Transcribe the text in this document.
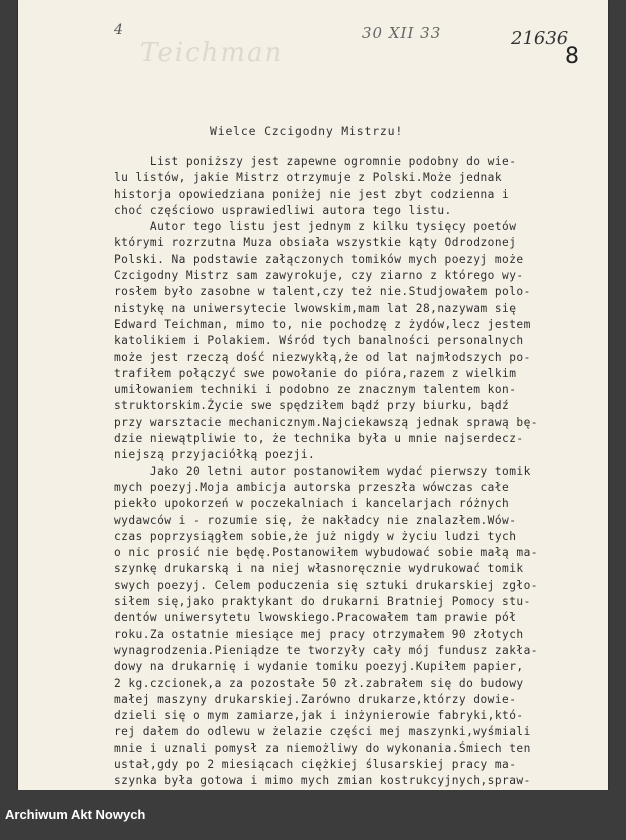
4
Teichman
30 XII 33	21636
8
Wielce Czcigodny Mistrzu!
List poniższy jest zapewne ogromnie podobny do wie-
lu listów, jakie Mistrz otrzymuje z Polski.Może jednak
historja opowiedziana poniżej nie jest zbyt codzienna i
choć częściowo usprawiedliwi autora tego listu.
Autor tego listu jest jednym z kilku tysięcy poetów
którymi rozrzutna Muza obsiała wszystkie kąty Odrodzonej
Polski. Na podstawie załączonych tomików mych poezyj może
Czcigodny Mistrz sam zawyrokuje, czy ziarno z którego wy-
rosłem było zasobne w talent,czy też nie.Studjowałem polo-
nistykę na uniwersytecie lwowskim,mam lat 28,nazywam się
Edward Teichman, mimo to, nie pochodzę z żydów,lecz jestem
katolikiem i Polakiem. Wśród tych banalności personalnych
może jest rzeczą dość niezwykłą,że od lat najmłodszych po-
trafiłem połączyć swe powołanie do pióra,razem z wielkim
umiłowaniem techniki i podobno ze znacznym talentem kon-
struktorskim.Życie swe spędziłem bądź przy biurku, bądź
przy warsztacie mechanicznym.Najciekawszą jednak sprawą bę-
dzie niewątpliwie to, że technika była u mnie najserdecz-
niejszą przyjaciółką poezji.
Jako 20 letni autor postanowiłem wydać pierwszy tomik
mych poezyj.Moja ambicja autorska przeszła wówczas całe
piekło upokorzeń w poczekalniach i kancelarjach różnych
wydawców i - rozumie się, że nakładcy nie znalazłem.Wów-
czas poprzysiągłem sobie,że już nigdy w życiu ludzi tych
o nic prosić nie będę.Postanowiłem wybudować sobie małą ma-
szynkę drukarską i na niej własnoręcznie wydrukować tomik
swych poezyj. Celem poduczenia się sztuki drukarskiej zgło-
siłem się,jako praktykant do drukarni Bratniej Pomocy stu-
dentów uniwersytetu lwowskiego.Pracowałem tam prawie pół
roku.Za ostatnie miesiące mej pracy otrzymałem 90 złotych
wynagrodzenia.Pieniądze te tworzyły cały mój fundusz zakła-
dowy na drukarnię i wydanie tomiku poezyj.Kupiłem papier,
2 kg.czcionek,a za pozostałe 50 zł.zabrałem się do budowy
małej maszyny drukarskiej.Zarówno drukarze,którzy dowie-
dzieli się o mym zamiarze,jak i inżynierowie fabryki,któ-
rej dałem do odlewu w żelazie części mej maszynki,wyśmiali
mnie i uznali pomysł za niemożliwy do wykonania.Śmiech ten
ustał,gdy po 2 miesiącach ciężkiej ślusarskiej pracy ma-
szynka była gotowa i mimo mych zmian kostrukcyjnych,spraw-
Archiwum Akt Nowych
